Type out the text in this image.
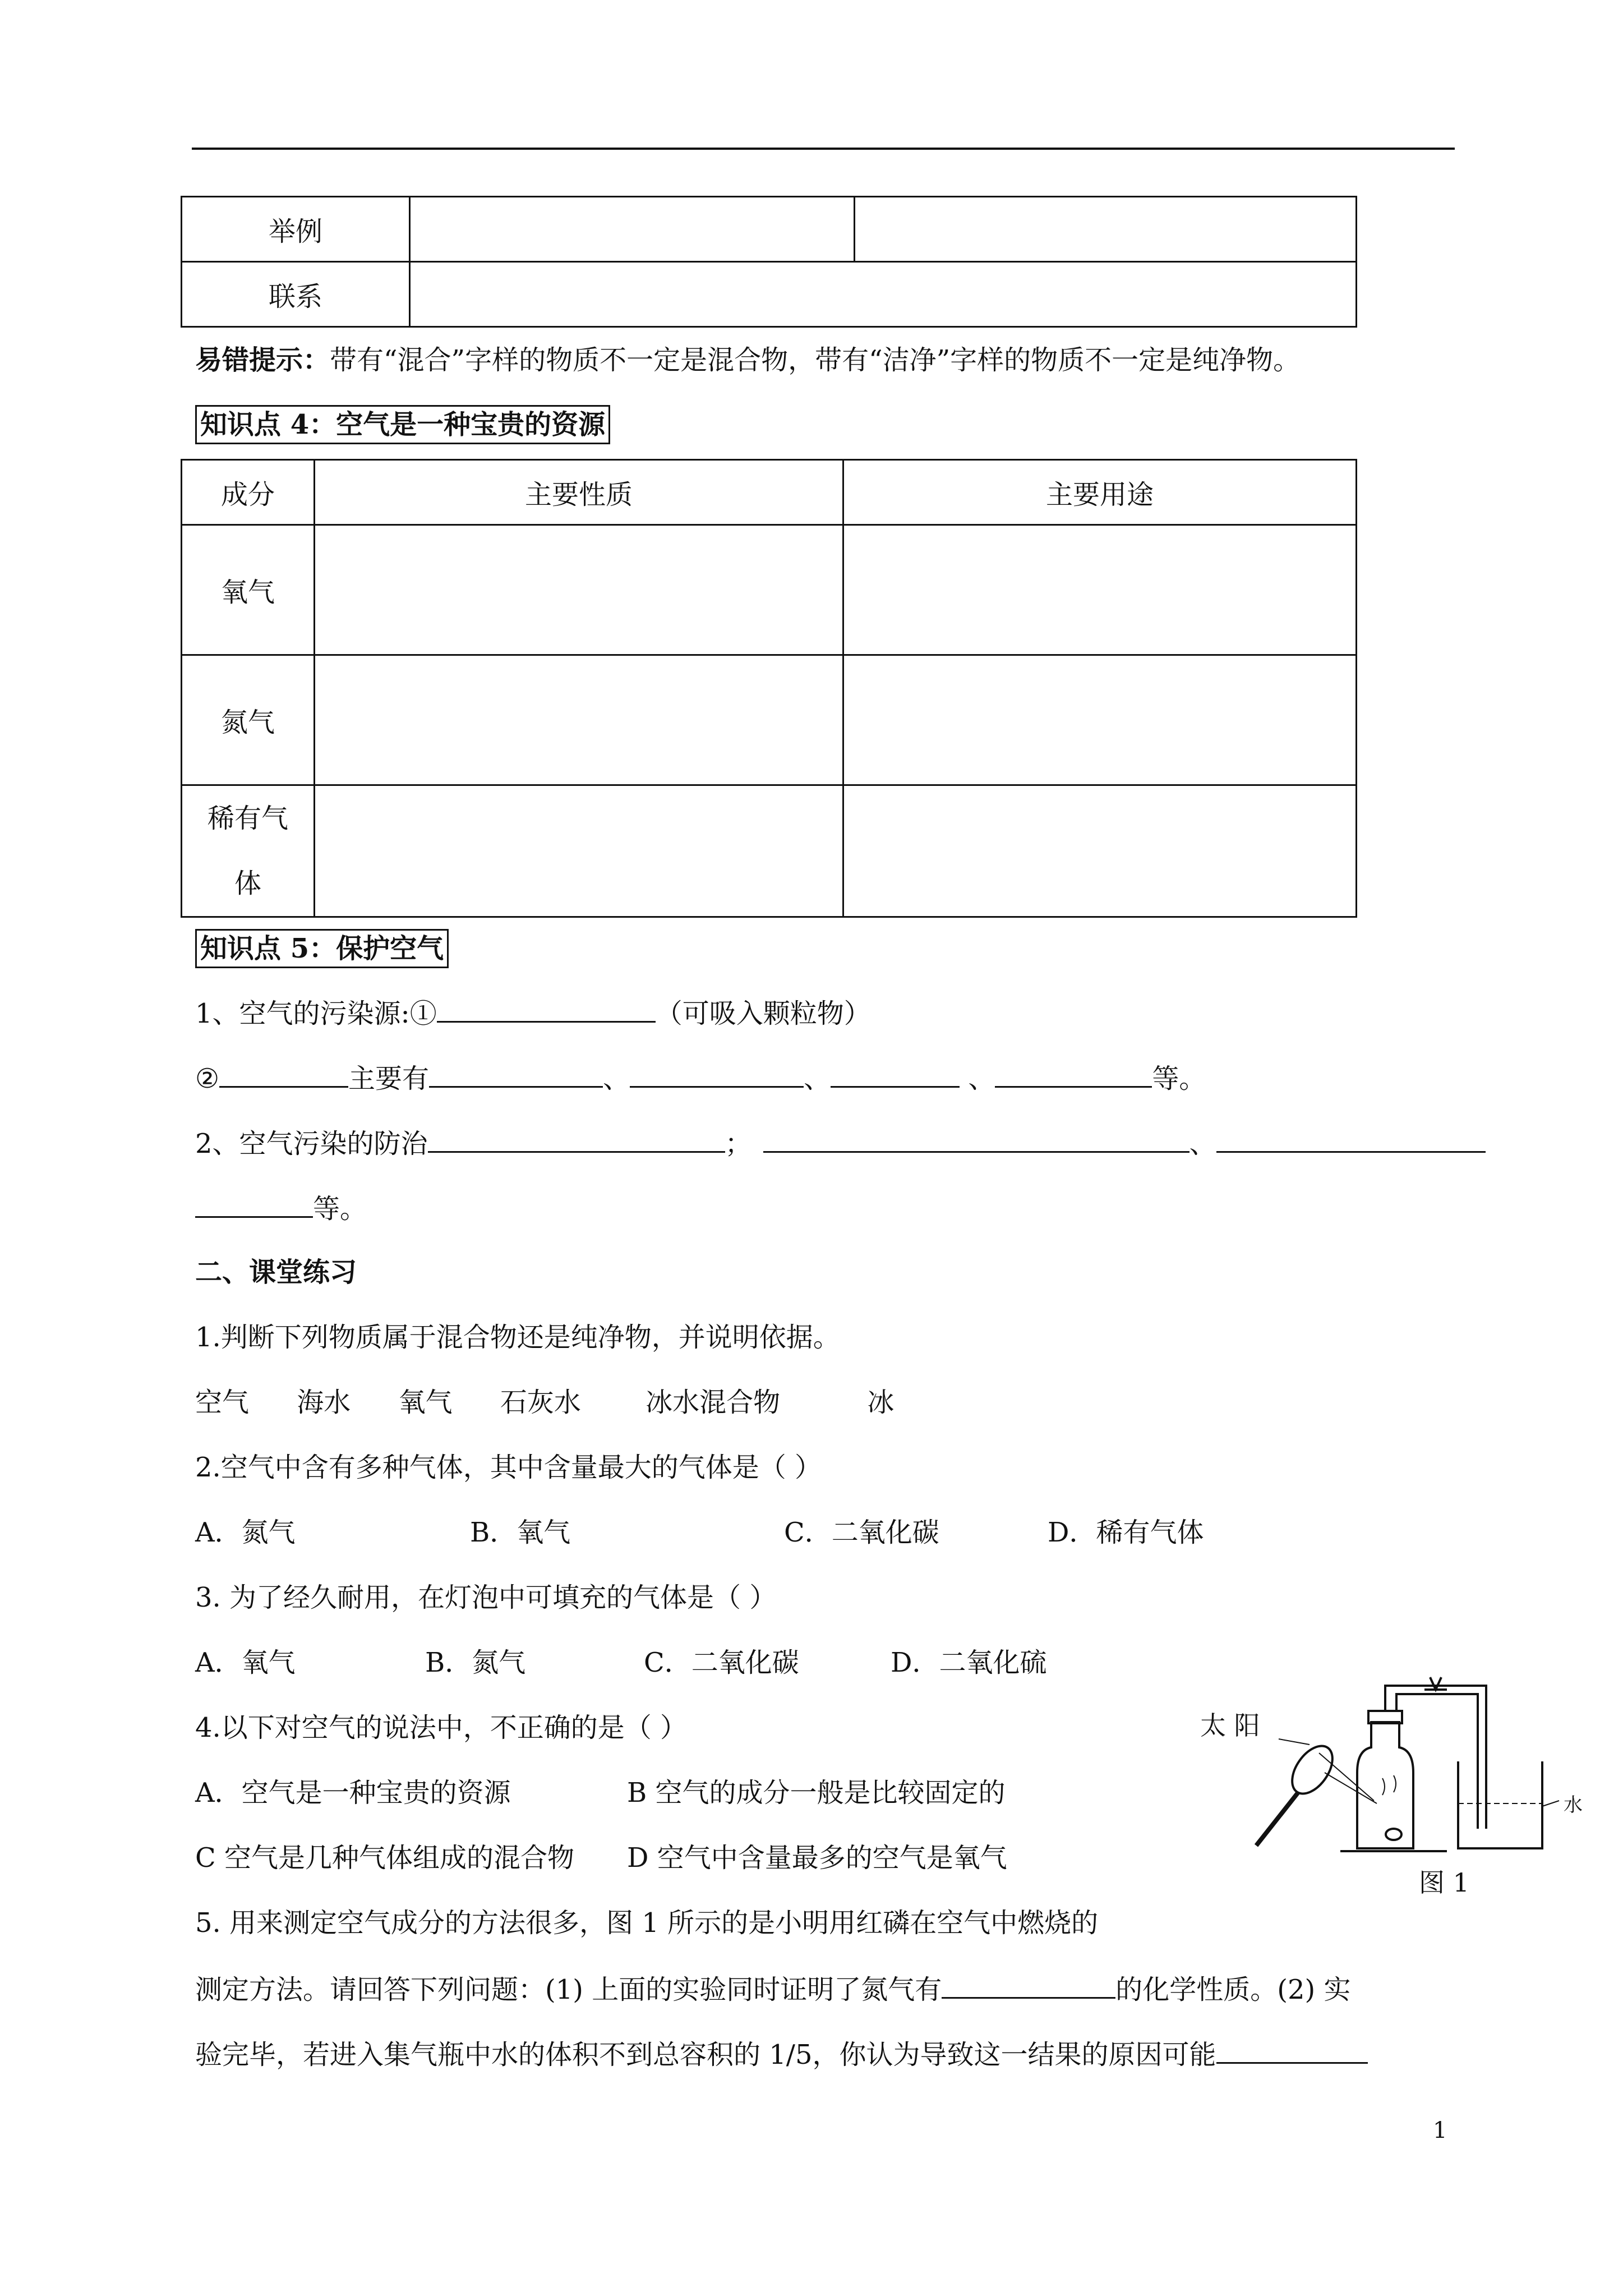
举例		
联系		
易错提示：带有“混合”字样的物质不一定是混合物，带有“洁净”字样的物质不一定是纯净物。
知识点 4：空气是一种宝贵的资源
成分	主要性质	主要用途
氧气		
氮气		

稀有气
体		

知识点 5：保护空气
1、空气的污染源:①	（可吸入颗粒物）
②	主要有	、	、	、	等。
2、空气污染的防治	；	、
等。
二、课堂练习
1.判断下列物质属于混合物还是纯净物，并说明依据。
空气 海水 氧气 石灰水 冰水混合物	冰
2.空气中含有多种气体，其中含量最大的气体是（ ）
A．氮气	B．氧气	C．二氧化碳	D．稀有气体
3. 为了经久耐用，在灯泡中可填充的气体是（ ）
A．氧气	B．氮气	C．二氧化碳	D．二氧化硫
4.以下对空气的说法中，不正确的是（ ）
A．空气是一种宝贵的资源	B 空气的成分一般是比较固定的
C 空气是几种气体组成的混合物 D 空气中含量最多的空气是氧气
5. 用来测定空气成分的方法很多，图 1 所示的是小明用红磷在空气中燃烧的
测定方法。请回答下列问题：(1) 上面的实验同时证明了氮气有	的化学性质。(2) 实
验完毕，若进入集气瓶中水的体积不到总容积的 1/5，你认为导致这一结果的原因可能
太 阳
水
图 1
1
